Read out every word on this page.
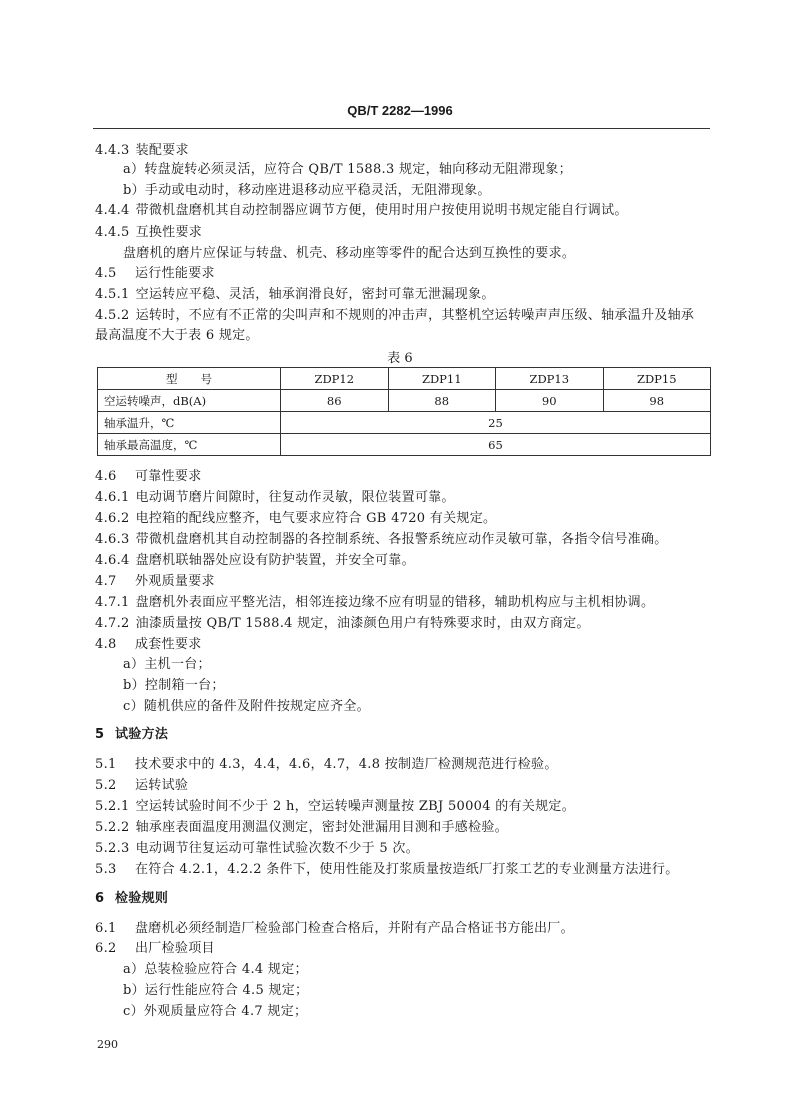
QB/T 2282—1996
4.4.3 装配要求
a）转盘旋转必须灵活，应符合 QB/T 1588.3 规定，轴向移动无阻滞现象；
b）手动或电动时，移动座进退移动应平稳灵活，无阻滞现象。
4.4.4 带微机盘磨机其自动控制器应调节方便，使用时用户按使用说明书规定能自行调试。
4.4.5 互换性要求
盘磨机的磨片应保证与转盘、机壳、移动座等零件的配合达到互换性的要求。
4.5 运行性能要求
4.5.1 空运转应平稳、灵活，轴承润滑良好，密封可靠无泄漏现象。
4.5.2 运转时，不应有不正常的尖叫声和不规则的冲击声，其整机空运转噪声声压级、轴承温升及轴承
最高温度不大于表 6 规定。
表 6
型　　号	ZDP12	ZDP11	ZDP13	ZDP15
空运转噪声，dB(A)	86	88	90	98
轴承温升，℃	25			
轴承最高温度，℃	65			
4.6 可靠性要求
4.6.1 电动调节磨片间隙时，往复动作灵敏，限位装置可靠。
4.6.2 电控箱的配线应整齐，电气要求应符合 GB 4720 有关规定。
4.6.3 带微机盘磨机其自动控制器的各控制系统、各报警系统应动作灵敏可靠，各指令信号准确。
4.6.4 盘磨机联轴器处应设有防护装置，并安全可靠。
4.7 外观质量要求
4.7.1 盘磨机外表面应平整光洁，相邻连接边缘不应有明显的错移，辅助机构应与主机相协调。
4.7.2 油漆质量按 QB/T 1588.4 规定，油漆颜色用户有特殊要求时，由双方商定。
4.8 成套性要求
a）主机一台；
b）控制箱一台；
c）随机供应的备件及附件按规定应齐全。
5 试验方法
5.1 技术要求中的 4.3，4.4，4.6，4.7，4.8 按制造厂检测规范进行检验。
5.2 运转试验
5.2.1 空运转试验时间不少于 2 h，空运转噪声测量按 ZBJ 50004 的有关规定。
5.2.2 轴承座表面温度用测温仪测定，密封处泄漏用目测和手感检验。
5.2.3 电动调节往复运动可靠性试验次数不少于 5 次。
5.3 在符合 4.2.1，4.2.2 条件下，使用性能及打浆质量按造纸厂打浆工艺的专业测量方法进行。
6 检验规则
6.1 盘磨机必须经制造厂检验部门检查合格后，并附有产品合格证书方能出厂。
6.2 出厂检验项目
a）总装检验应符合 4.4 规定；
b）运行性能应符合 4.5 规定；
c）外观质量应符合 4.7 规定；
290
